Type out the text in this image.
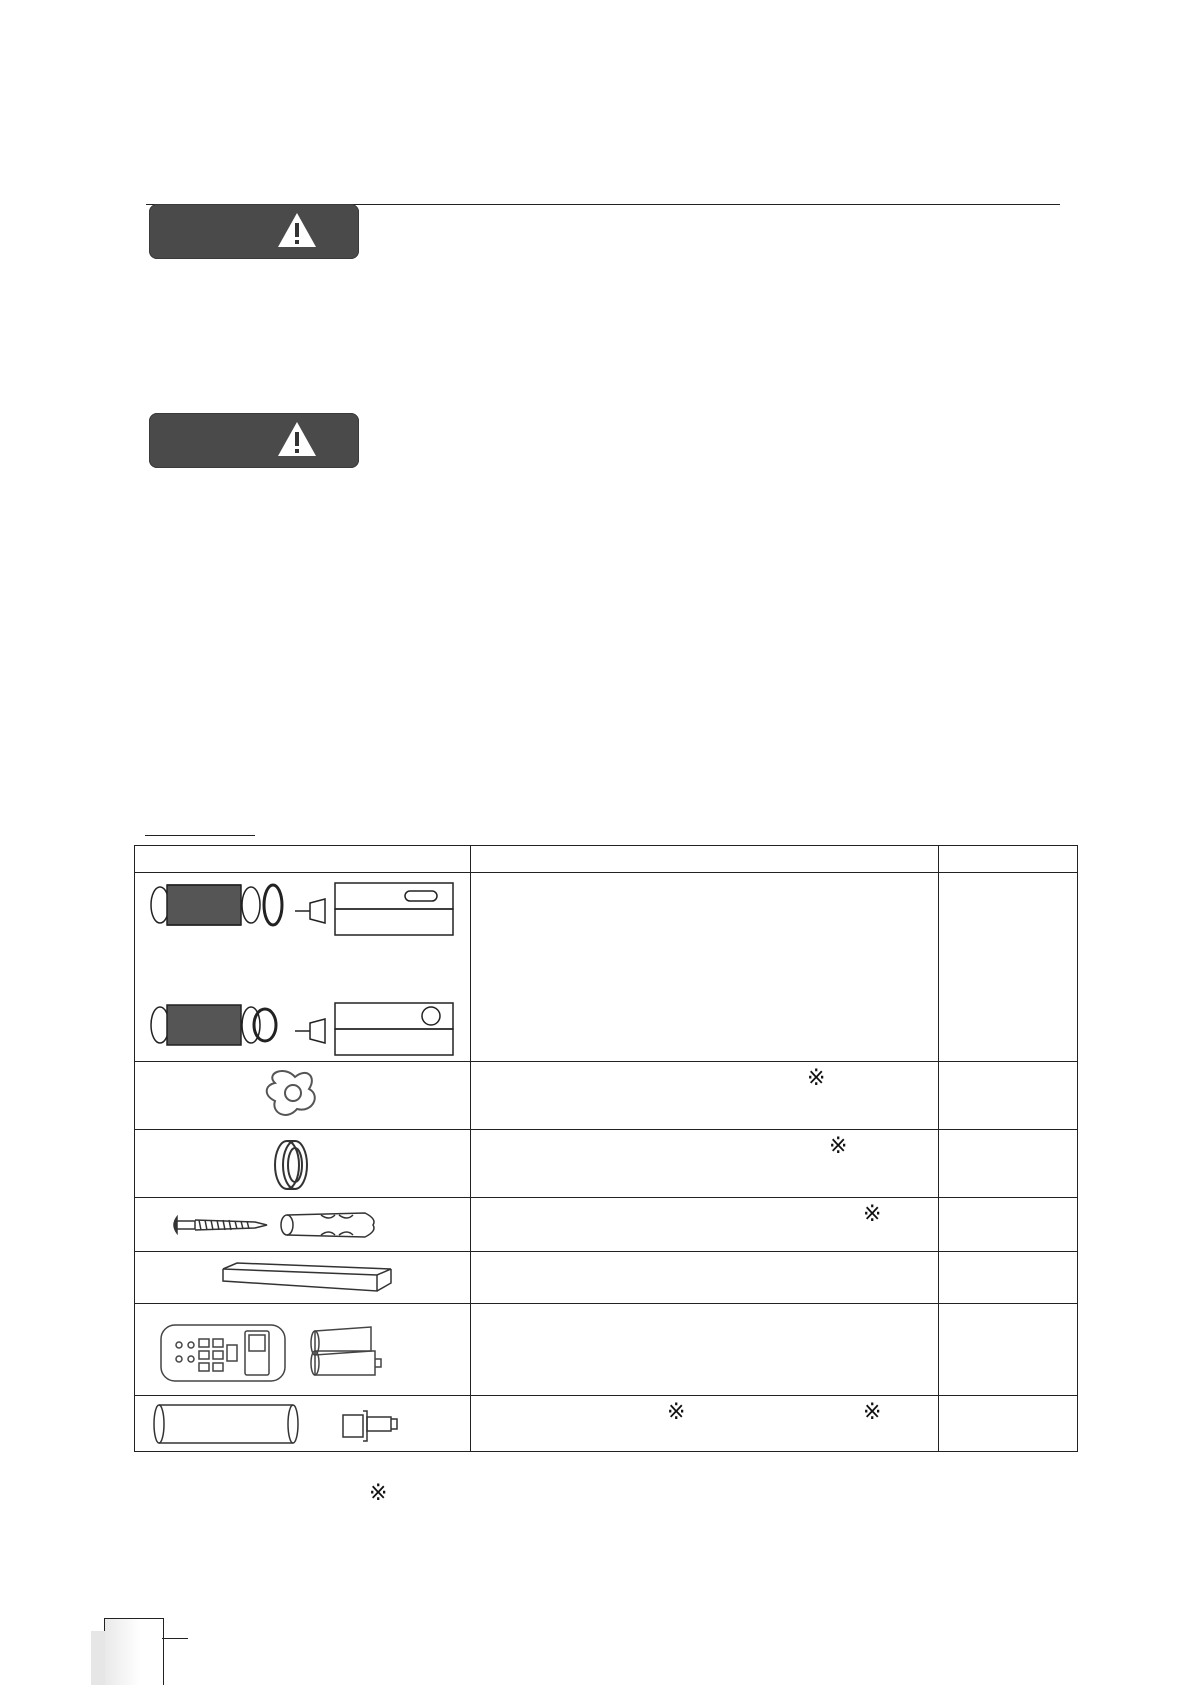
※	

※	

※	

※ ※	

※
